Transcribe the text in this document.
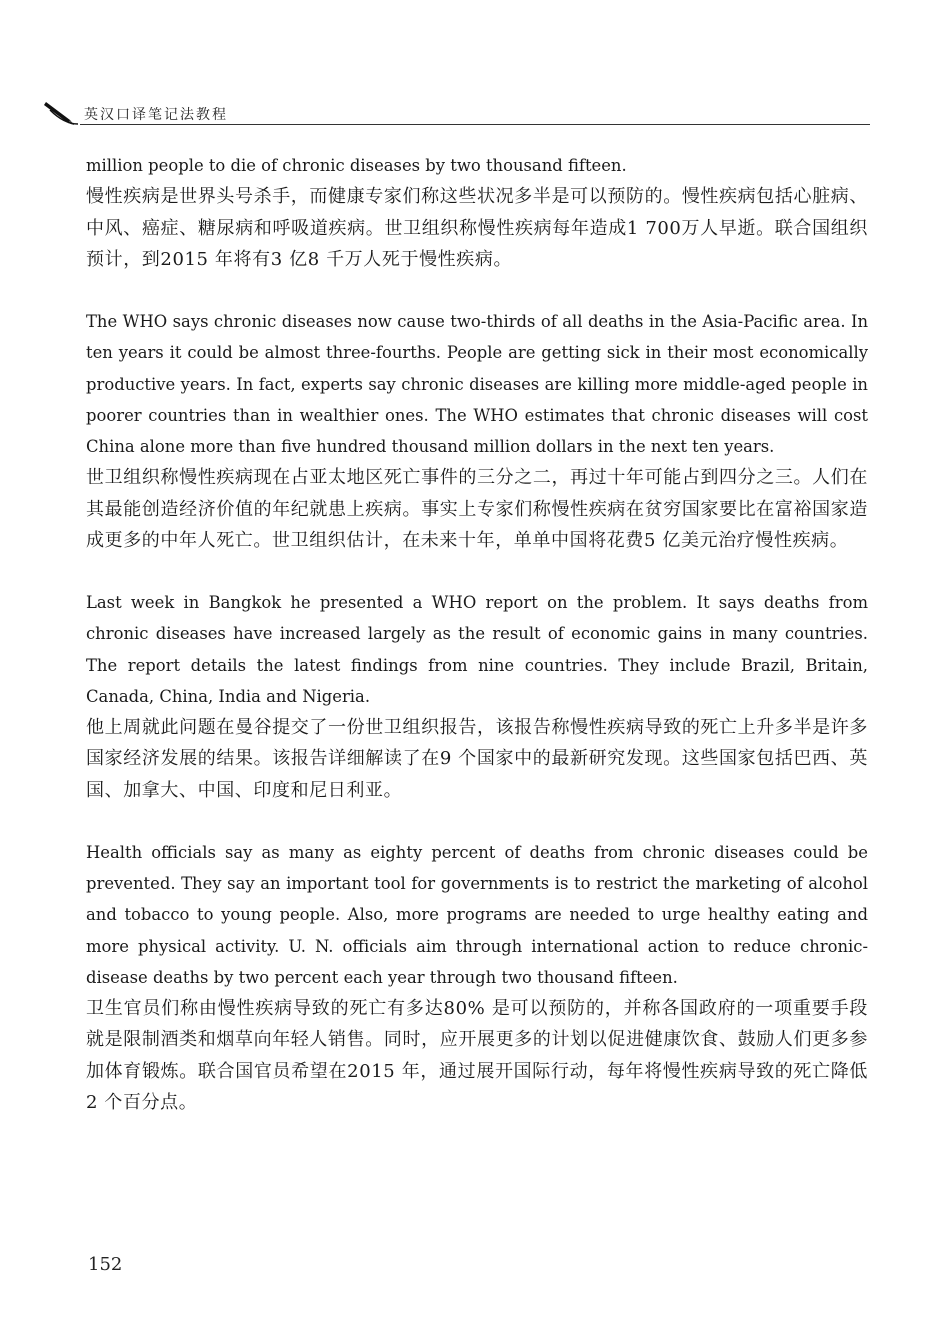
英汉口译笔记法教程

million people to die of chronic diseases by two thousand fifteen.

慢性疾病是世界头号杀手，而健康专家们称这些状况多半是可以预防的。慢性疾病包括心脏病、中风、癌症、糖尿病和呼吸道疾病。世卫组织称慢性疾病每年造成1 700万人早逝。联合国组织预计，到2015 年将有3 亿8 千万人死于慢性疾病。

The WHO says chronic diseases now cause two-thirds of all deaths in the Asia-Pacific area. In ten years it could be almost three-fourths. People are getting sick in their most economically productive years. In fact, experts say chronic diseases are killing more middle-aged people in poorer countries than in wealthier ones. The WHO estimates that chronic diseases will cost China alone more than five hundred thousand million dollars in the next ten years.

世卫组织称慢性疾病现在占亚太地区死亡事件的三分之二，再过十年可能占到四分之三。人们在其最能创造经济价值的年纪就患上疾病。事实上专家们称慢性疾病在贫穷国家要比在富裕国家造成更多的中年人死亡。世卫组织估计，在未来十年，单单中国将花费5 亿美元治疗慢性疾病。

Last week in Bangkok he presented a WHO report on the problem. It says deaths from chronic diseases have increased largely as the result of economic gains in many countries. The report details the latest findings from nine countries. They include Brazil, Britain, Canada, China, India and Nigeria.

他上周就此问题在曼谷提交了一份世卫组织报告，该报告称慢性疾病导致的死亡上升多半是许多国家经济发展的结果。该报告详细解读了在9 个国家中的最新研究发现。这些国家包括巴西、英国、加拿大、中国、印度和尼日利亚。

Health officials say as many as eighty percent of deaths from chronic diseases could be prevented. They say an important tool for governments is to restrict the marketing of alcohol and tobacco to young people. Also, more programs are needed to urge healthy eating and more physical activity. U. N. officials aim through international action to reduce chronic-disease deaths by two percent each year through two thousand fifteen.

卫生官员们称由慢性疾病导致的死亡有多达80% 是可以预防的，并称各国政府的一项重要手段就是限制酒类和烟草向年轻人销售。同时，应开展更多的计划以促进健康饮食、鼓励人们更多参加体育锻炼。联合国官员希望在2015 年，通过展开国际行动，每年将慢性疾病导致的死亡降低2 个百分点。

152
